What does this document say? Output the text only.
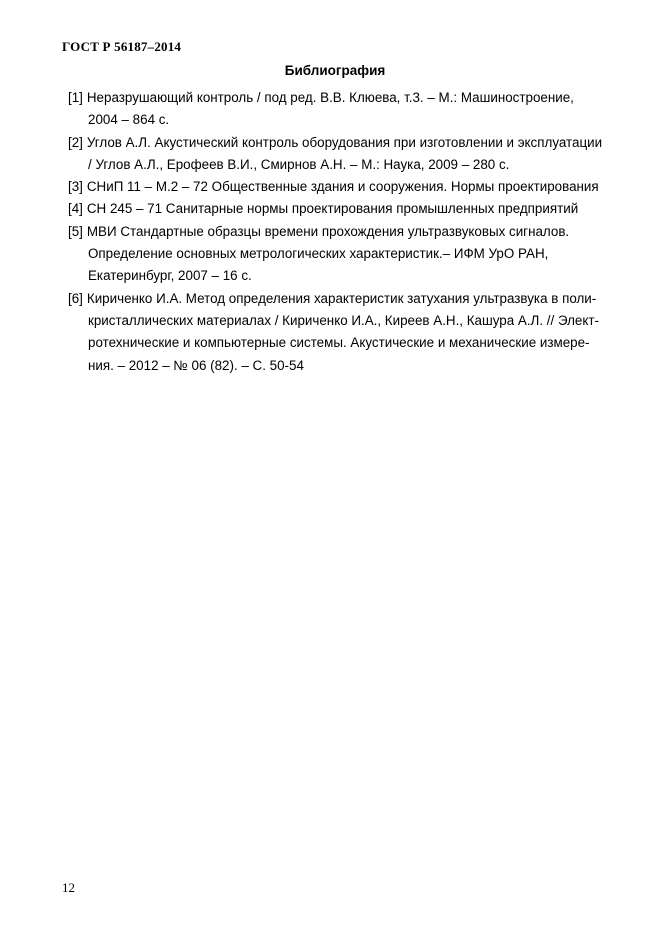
ГОСТ Р 56187–2014

Библиография
[1] Неразрушающий контроль / под ред. В.В. Клюева, т.3. – М.: Машиностроение,
2004 – 864 с.
[2] Углов А.Л. Акустический контроль оборудования при изготовлении и эксплуатации
/ Углов А.Л., Ерофеев В.И., Смирнов А.Н. – М.: Наука, 2009 – 280 с.
[3] СНиП 11 – М.2 – 72 Общественные здания и сооружения. Нормы проектирования
[4] СН 245 – 71 Санитарные нормы проектирования промышленных предприятий
[5] МВИ Стандартные образцы времени прохождения ультразвуковых сигналов.
Определение основных метрологических характеристик.– ИФМ УрО РАН,
Екатеринбург, 2007 – 16 с.
[6] Кириченко И.А. Метод определения характеристик затухания ультразвука в поли-
кристаллических материалах / Кириченко И.А., Киреев А.Н., Кашура А.Л. // Элект-
ротехнические и компьютерные системы. Акустические и механические измере-
ния. – 2012 – № 06 (82). – С. 50-54

12
